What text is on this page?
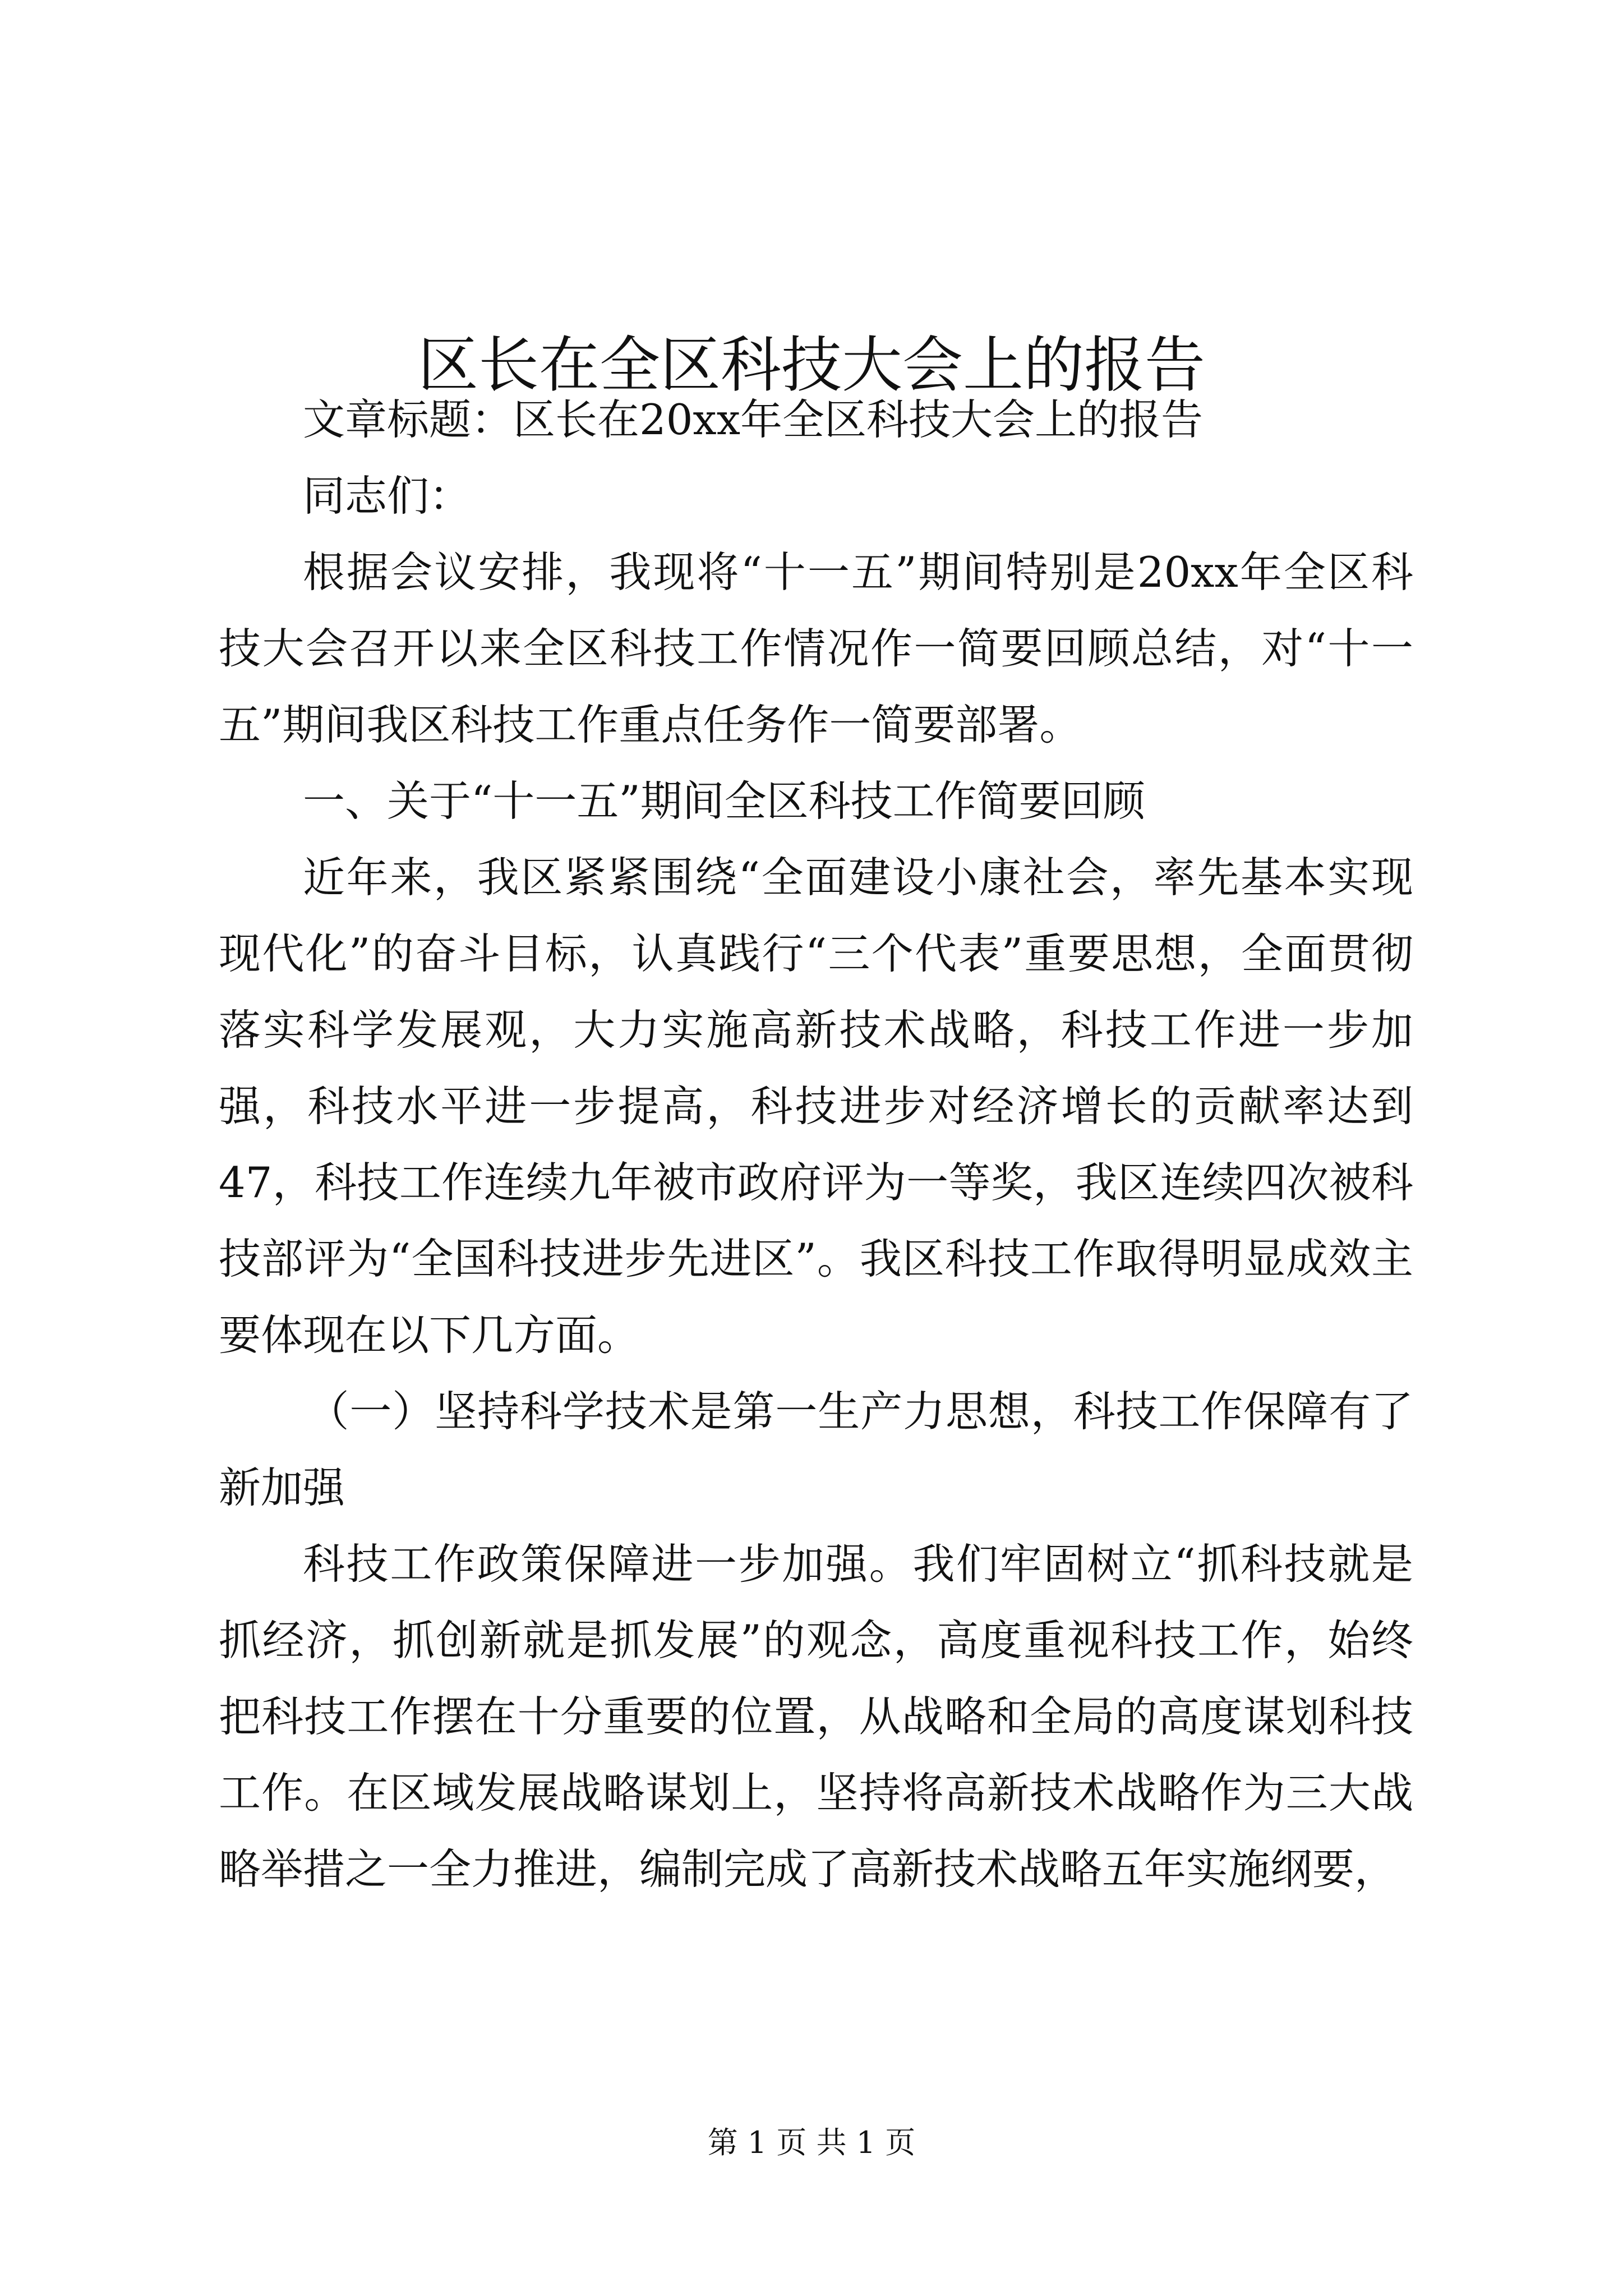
区长在全区科技大会上的报告

文章标题：区长在20xx年全区科技大会上的报告

同志们：

根据会议安排，我现将“十一五”期间特别是20xx年全区科技大会召开以来全区科技工作情况作一简要回顾总结，对“十一五”期间我区科技工作重点任务作一简要部署。

一、关于“十一五”期间全区科技工作简要回顾

近年来，我区紧紧围绕“全面建设小康社会，率先基本实现现代化”的奋斗目标，认真践行“三个代表”重要思想，全面贯彻落实科学发展观，大力实施高新技术战略，科技工作进一步加强，科技水平进一步提高，科技进步对经济增长的贡献率达到47，科技工作连续九年被市政府评为一等奖，我区连续四次被科技部评为“全国科技进步先进区”。我区科技工作取得明显成效主要体现在以下几方面。

（一）坚持科学技术是第一生产力思想，科技工作保障有了新加强

科技工作政策保障进一步加强。我们牢固树立“抓科技就是抓经济，抓创新就是抓发展”的观念，高度重视科技工作，始终把科技工作摆在十分重要的位置，从战略和全局的高度谋划科技工作。在区域发展战略谋划上，坚持将高新技术战略作为三大战略举措之一全力推进，编制完成了高新技术战略五年实施纲要，

第 1 页 共 1 页
